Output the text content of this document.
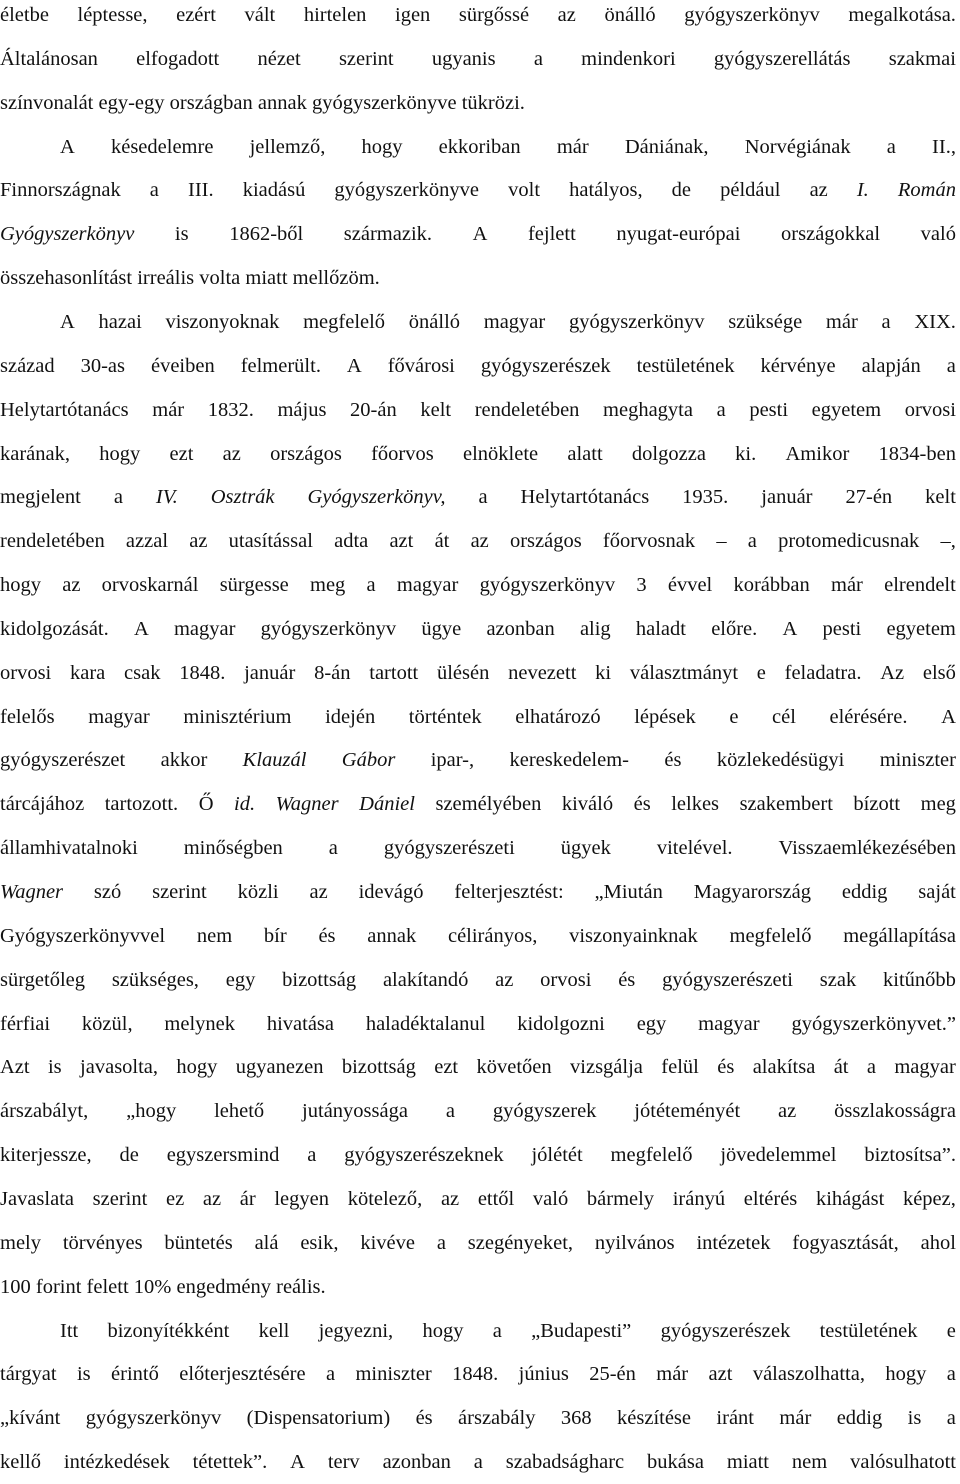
életbe léptesse, ezért vált hirtelen igen sürgőssé az önálló gyógyszerkönyv megalkotása.
Általánosan elfogadott nézet szerint ugyanis a mindenkori gyógyszerellátás szakmai
színvonalát egy-egy országban annak gyógyszerkönyve tükrözi.
A késedelemre jellemző, hogy ekkoriban már Dániának, Norvégiának a II.,
Finnországnak a III. kiadású gyógyszerkönyve volt hatályos, de például az I. Román
Gyógyszerkönyv is 1862-ből származik. A fejlett nyugat-európai országokkal való
összehasonlítást irreális volta miatt mellőzöm.
A hazai viszonyoknak megfelelő önálló magyar gyógyszerkönyv szüksége már a XIX.
század 30-as éveiben felmerült. A fővárosi gyógyszerészek testületének kérvénye alapján a
Helytartótanács már 1832. május 20-án kelt rendeletében meghagyta a pesti egyetem orvosi
karának, hogy ezt az országos főorvos elnöklete alatt dolgozza ki. Amikor 1834-ben
megjelent a IV. Osztrák Gyógyszerkönyv, a Helytartótanács 1935. január 27-én kelt
rendeletében azzal az utasítással adta azt át az országos főorvosnak – a protomedicusnak –,
hogy az orvoskarnál sürgesse meg a magyar gyógyszerkönyv 3 évvel korábban már elrendelt
kidolgozását. A magyar gyógyszerkönyv ügye azonban alig haladt előre. A pesti egyetem
orvosi kara csak 1848. január 8-án tartott ülésén nevezett ki választmányt e feladatra. Az első
felelős magyar minisztérium idején történtek elhatározó lépések e cél elérésére. A
gyógyszerészet akkor Klauzál Gábor ipar-, kereskedelem- és közlekedésügyi miniszter
tárcájához tartozott. Ő id. Wagner Dániel személyében kiváló és lelkes szakembert bízott meg
államhivatalnoki minőségben a gyógyszerészeti ügyek vitelével. Visszaemlékezésében
Wagner szó szerint közli az idevágó felterjesztést: „Miután Magyarország eddig saját
Gyógyszerkönyvvel nem bír és annak célirányos, viszonyainknak megfelelő megállapítása
sürgetőleg szükséges, egy bizottság alakítandó az orvosi és gyógyszerészeti szak kitűnőbb
férfiai közül, melynek hivatása haladéktalanul kidolgozni egy magyar gyógyszerkönyvet.”
Azt is javasolta, hogy ugyanezen bizottság ezt követően vizsgálja felül és alakítsa át a magyar
árszabályt, „hogy lehető jutányossága a gyógyszerek jótéteményét az összlakosságra
kiterjessze, de egyszersmind a gyógyszerészeknek jólétét megfelelő jövedelemmel biztosítsa”.
Javaslata szerint ez az ár legyen kötelező, az ettől való bármely irányú eltérés kihágást képez,
mely törvényes büntetés alá esik, kivéve a szegényeket, nyilvános intézetek fogyasztását, ahol
100 forint felett 10% engedmény reális.
Itt bizonyítékként kell jegyezni, hogy a „Budapesti” gyógyszerészek testületének e
tárgyat is érintő előterjesztésére a miniszter 1848. június 25-én már azt válaszolhatta, hogy a
„kívánt gyógyszerkönyv (Dispensatorium) és árszabály 368 készítése iránt már eddig is a
kellő intézkedések tétettek”. A terv azonban a szabadságharc bukása miatt nem valósulhatott
